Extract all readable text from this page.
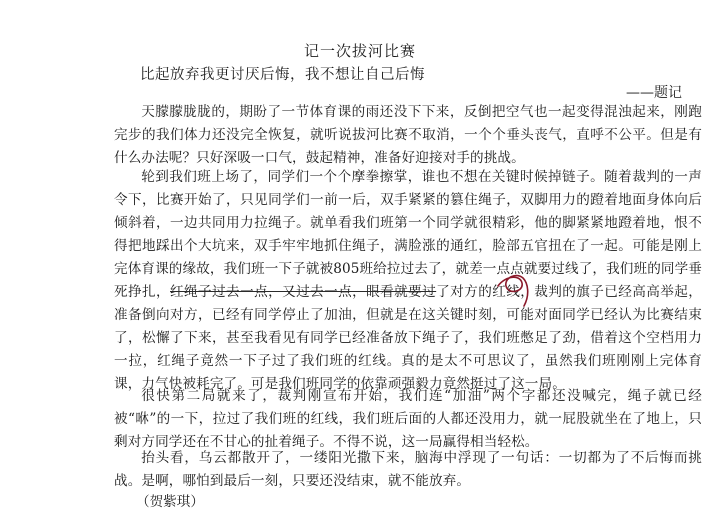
记一次拔河比赛
比起放弃我更讨厌后悔，我不想让自己后悔
——题记

天朦朦胧胧的，期盼了一节体育课的雨还没下下来，反倒把空气也一起变得混浊起来，刚跑完步的我们体力还没完全恢复，就听说拔河比赛不取消，一个个垂头丧气，直呼不公平。但是有什么办法呢？只好深吸一口气，鼓起精神，准备好迎接对手的挑战。

轮到我们班上场了，同学们一个个摩拳擦掌，谁也不想在关键时候掉链子。随着裁判的一声令下，比赛开始了，只见同学们一前一后，双手紧紧的篡住绳子，双脚用力的蹬着地面身体向后倾斜着，一边共同用力拉绳子。就单看我们班第一个同学就很精彩，他的脚紧紧地蹬着地，恨不得把地踩出个大坑来，双手牢牢地抓住绳子，满脸涨的通红，脸部五官扭在了一起。可能是刚上完体育课的缘故，我们班一下子就被805班给拉过去了，就差一点点就要过线了，我们班的同学垂死挣扎，红绳子过去一点，又过去一点，眼看就要过了对方的红线，裁判的旗子已经高高举起，准备倒向对方，已经有同学停止了加油，但就是在这关键时刻，可能对面同学已经认为比赛结束了，松懈了下来，甚至我看见有同学已经准备放下绳子了，我们班憋足了劲，借着这个空档用力一拉，红绳子竟然一下子过了我们班的红线。真的是太不可思议了，虽然我们班刚刚上完体育课，力气快被耗完了。可是我们班同学的依靠顽强毅力竟然挺过了这一局。

很快第二局就来了，裁判刚宣布开始，我们连“加油”两个字都还没喊完，绳子就已经被“咻”的一下，拉过了我们班的红线，我们班后面的人都还没用力，就一屁股就坐在了地上，只剩对方同学还在不甘心的扯着绳子。不得不说，这一局赢得相当轻松。

抬头看，乌云都散开了，一缕阳光撒下来，脑海中浮现了一句话：一切都为了不后悔而挑战。是啊，哪怕到最后一刻，只要还没结束，就不能放弃。

（贺紫琪）
